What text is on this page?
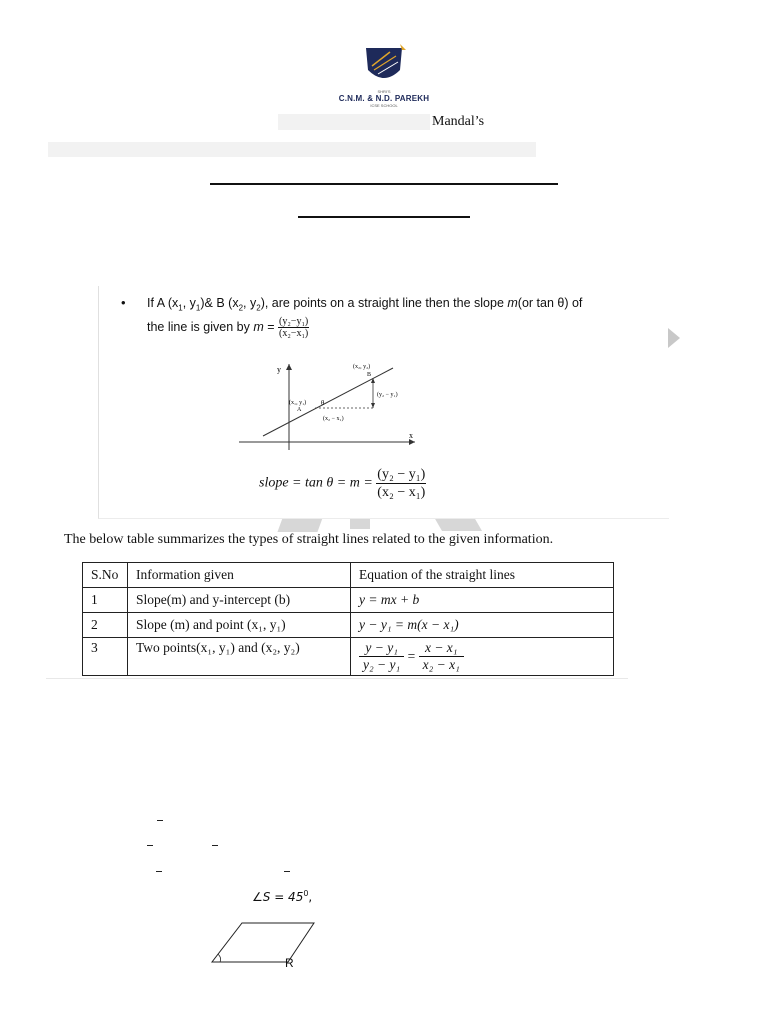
SHRI'S
C.N.M. & N.D. PAREKH
ICSE SCHOOL
Mandal’s
• If A ($x_1$, $y_1)\&$ B ($x_2$, $y_2$), are points on a straight line then the slope m(or tan θ) of
the line is given by $m = \frac{\text{(y₂−y₁)}}{\text{(x₂−x₁)}}$
y
x
(x₂, y₂)
B
(x₁, y₁)
A
θ
(y₂ − y₁)
(x₂ − x₁)
slope = $\tan \theta = m = \frac{\text{(y₂ − y₁)}}{\text{(x₂ − x₁)}}$
The below table summarizes the types of straight lines related to the given information.
S.No	Information given	Equation of the straight lines
1	Slope(m) and y-intercept (b)	y = mx + b
2	Slope (m) and point (x₁, y₁)	y − y₁ = m(x − x₁)
3	Two points(x₁, y₁) and (x₂, y₂)	$\frac{\text{y − y₁}}{\text{y₂ − y₁}} = \frac{\text{x − x₁}}{\text{x₂ − x₁}}$
∠S = $45^0$,
R
